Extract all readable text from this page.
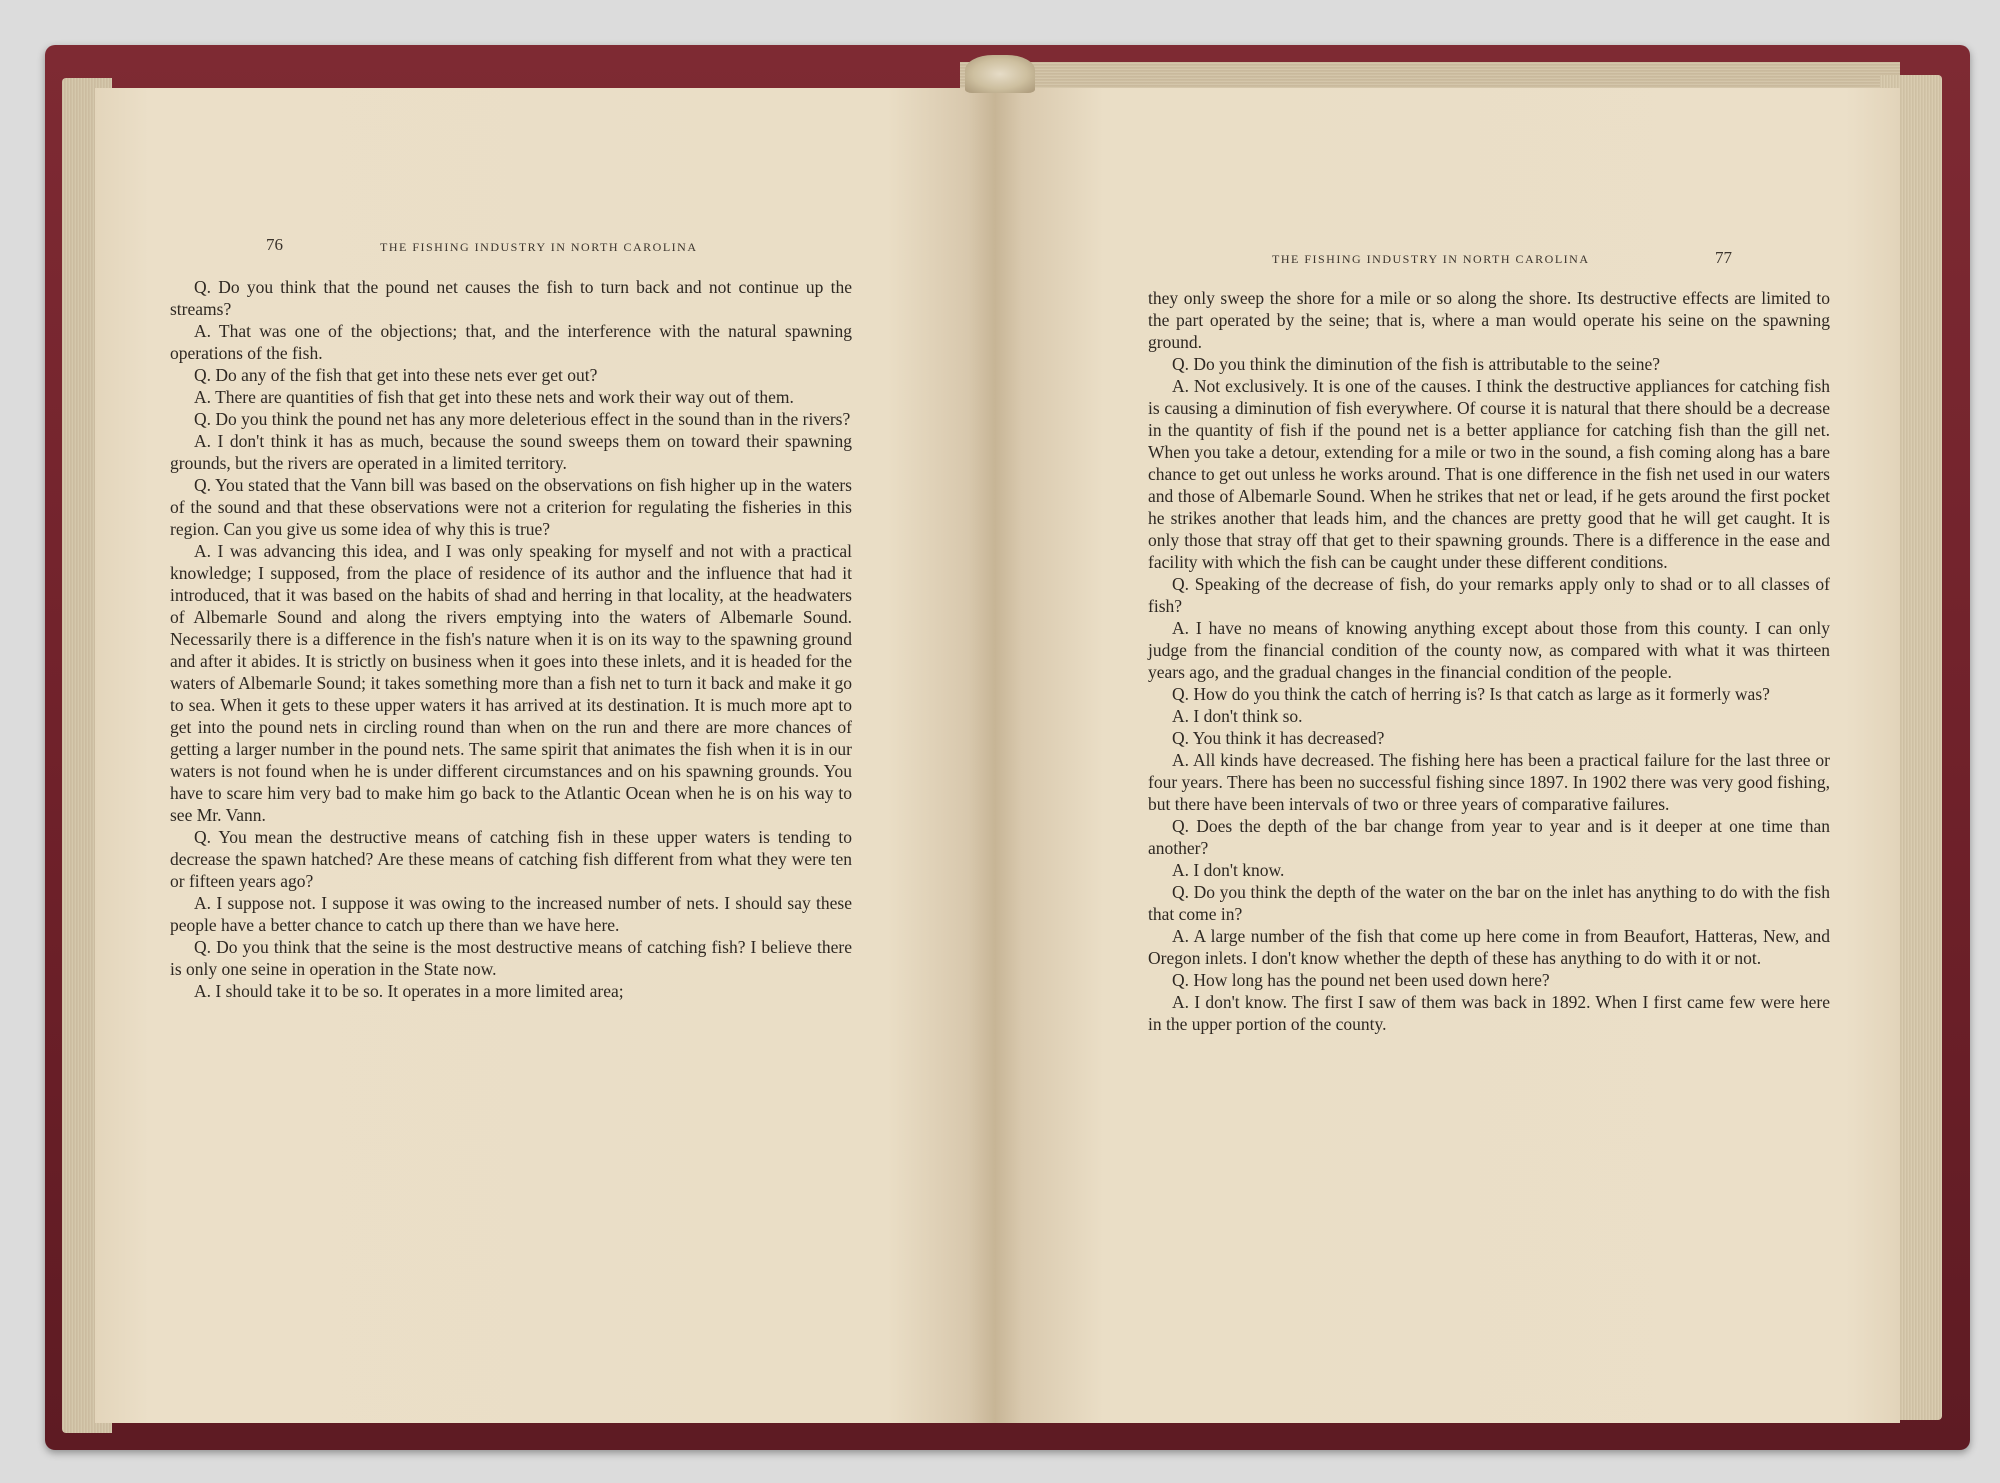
76	THE FISHING INDUSTRY IN NORTH CAROLINA
THE FISHING INDUSTRY IN NORTH CAROLINA	77

Q. Do you think that the pound net causes the fish to turn back and not continue up the streams?

A. That was one of the objections; that, and the interference with the natural spawning operations of the fish.

Q. Do any of the fish that get into these nets ever get out?

A. There are quantities of fish that get into these nets and work their way out of them.

Q. Do you think the pound net has any more deleterious effect in the sound than in the rivers?

A. I don't think it has as much, because the sound sweeps them on toward their spawning grounds, but the rivers are operated in a limited territory.

Q. You stated that the Vann bill was based on the observations on fish higher up in the waters of the sound and that these observations were not a criterion for regulating the fisheries in this region. Can you give us some idea of why this is true?

A. I was advancing this idea, and I was only speaking for myself and not with a practical knowledge; I supposed, from the place of residence of its author and the influence that had it introduced, that it was based on the habits of shad and herring in that locality, at the headwaters of Albemarle Sound and along the rivers emptying into the waters of Albemarle Sound. Necessarily there is a difference in the fish's nature when it is on its way to the spawning ground and after it abides. It is strictly on business when it goes into these inlets, and it is headed for the waters of Albemarle Sound; it takes something more than a fish net to turn it back and make it go to sea. When it gets to these upper waters it has arrived at its destination. It is much more apt to get into the pound nets in circling round than when on the run and there are more chances of getting a larger number in the pound nets. The same spirit that animates the fish when it is in our waters is not found when he is under different circumstances and on his spawning grounds. You have to scare him very bad to make him go back to the Atlantic Ocean when he is on his way to see Mr. Vann.

Q. You mean the destructive means of catching fish in these upper waters is tending to decrease the spawn hatched? Are these means of catching fish different from what they were ten or fifteen years ago?

A. I suppose not. I suppose it was owing to the increased number of nets. I should say these people have a better chance to catch up there than we have here.

Q. Do you think that the seine is the most destructive means of catching fish? I believe there is only one seine in operation in the State now.

A. I should take it to be so. It operates in a more limited area;

they only sweep the shore for a mile or so along the shore. Its destructive effects are limited to the part operated by the seine; that is, where a man would operate his seine on the spawning ground.

Q. Do you think the diminution of the fish is attributable to the seine?

A. Not exclusively. It is one of the causes. I think the destructive appliances for catching fish is causing a diminution of fish everywhere. Of course it is natural that there should be a decrease in the quantity of fish if the pound net is a better appliance for catching fish than the gill net. When you take a detour, extending for a mile or two in the sound, a fish coming along has a bare chance to get out unless he works around. That is one difference in the fish net used in our waters and those of Albemarle Sound. When he strikes that net or lead, if he gets around the first pocket he strikes another that leads him, and the chances are pretty good that he will get caught. It is only those that stray off that get to their spawning grounds. There is a difference in the ease and facility with which the fish can be caught under these different conditions.

Q. Speaking of the decrease of fish, do your remarks apply only to shad or to all classes of fish?

A. I have no means of knowing anything except about those from this county. I can only judge from the financial condition of the county now, as compared with what it was thirteen years ago, and the gradual changes in the financial condition of the people.

Q. How do you think the catch of herring is? Is that catch as large as it formerly was?

A. I don't think so.

Q. You think it has decreased?

A. All kinds have decreased. The fishing here has been a practical failure for the last three or four years. There has been no successful fishing since 1897. In 1902 there was very good fishing, but there have been intervals of two or three years of comparative failures.

Q. Does the depth of the bar change from year to year and is it deeper at one time than another?

A. I don't know.

Q. Do you think the depth of the water on the bar on the inlet has anything to do with the fish that come in?

A. A large number of the fish that come up here come in from Beaufort, Hatteras, New, and Oregon inlets. I don't know whether the depth of these has anything to do with it or not.

Q. How long has the pound net been used down here?

A. I don't know. The first I saw of them was back in 1892. When I first came few were here in the upper portion of the county.
